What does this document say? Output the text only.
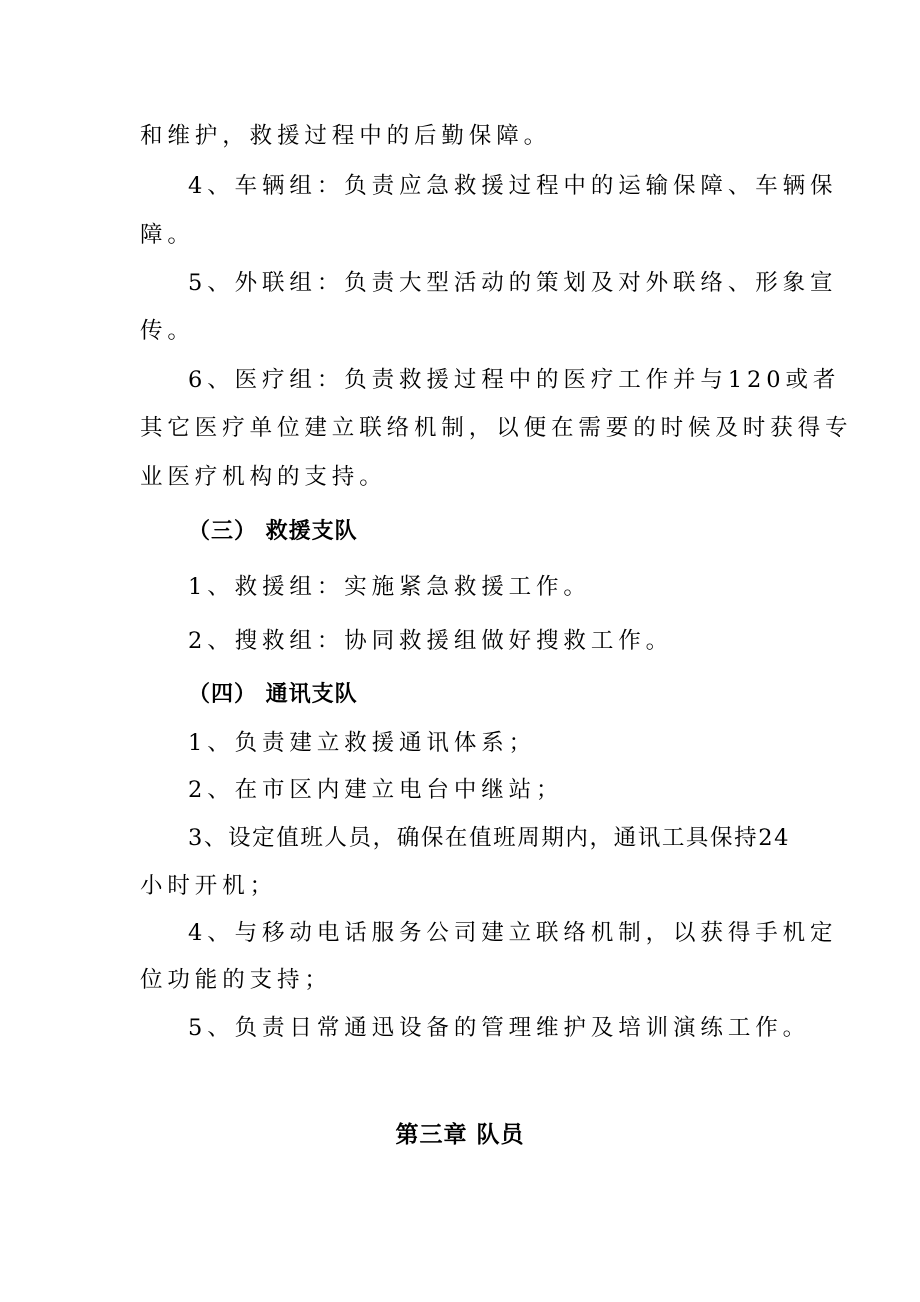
和维护，救援过程中的后勤保障。
4、车辆组：负责应急救援过程中的运输保障、车辆保
障。
5、外联组：负责大型活动的策划及对外联络、形象宣
传。
6、医疗组：负责救援过程中的医疗工作并与120或者
其它医疗单位建立联络机制，以便在需要的时候及时获得专
业医疗机构的支持。
（三） 救援支队
1、救援组：实施紧急救援工作。
2、搜救组：协同救援组做好搜救工作。
（四） 通讯支队
1、负责建立救援通讯体系；
2、在市区内建立电台中继站；
3、设定值班人员，确保在值班周期内，通讯工具保持24
小时开机；
4、与移动电话服务公司建立联络机制，以获得手机定
位功能的支持；
5、负责日常通迅设备的管理维护及培训演练工作。
第三章 队员
